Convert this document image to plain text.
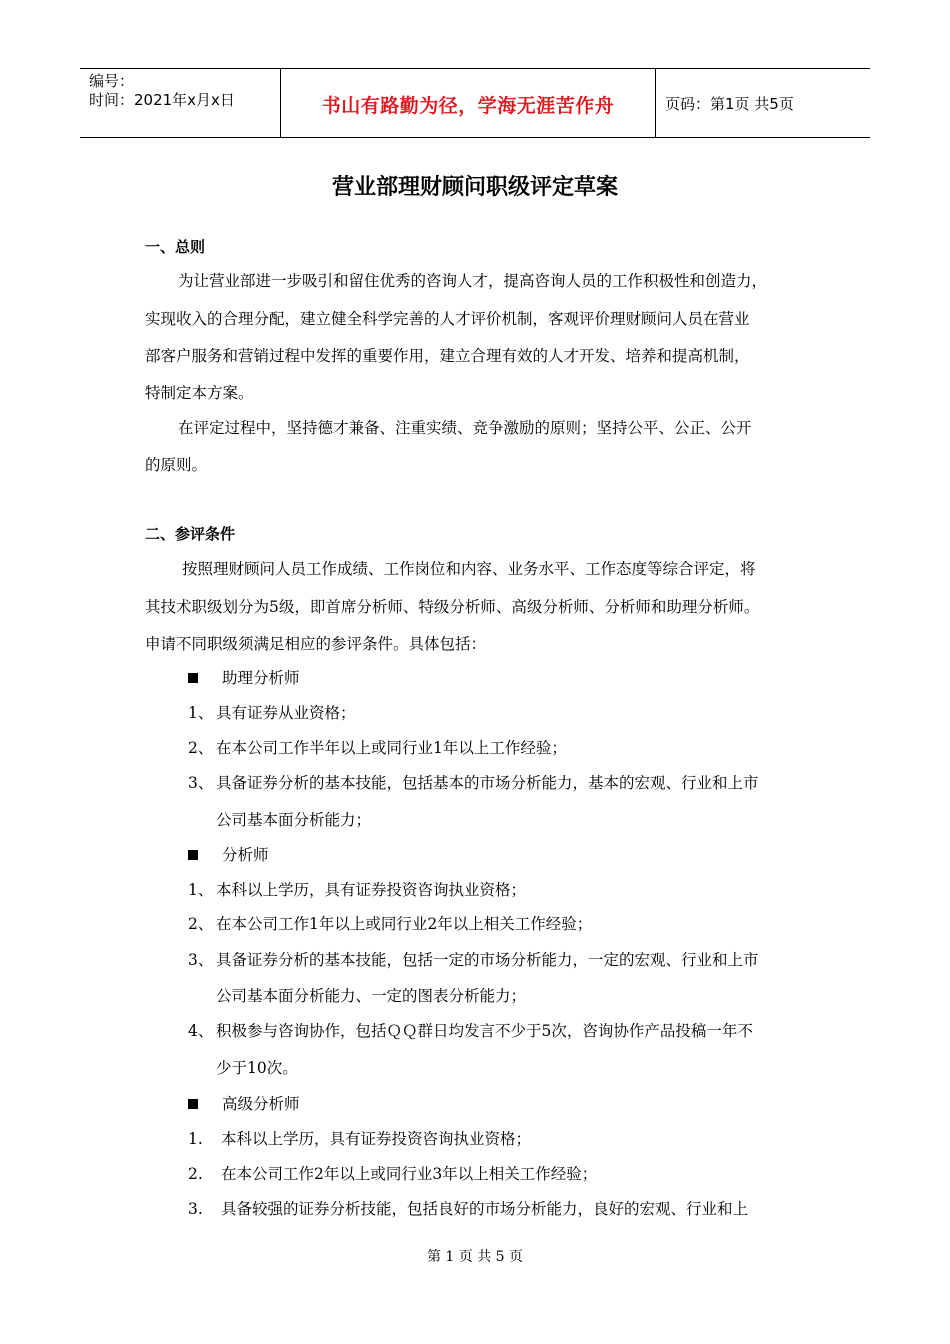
编号：
时间：2021年x月x日	书山有路勤为径，学海无涯苦作舟	页码：第1页 共5页
营业部理财顾问职级评定草案
一、总则
为让营业部进一步吸引和留住优秀的咨询人才，提高咨询人员的工作积极性和创造力，
实现收入的合理分配，建立健全科学完善的人才评价机制，客观评价理财顾问人员在营业
部客户服务和营销过程中发挥的重要作用，建立合理有效的人才开发、培养和提高机制，
特制定本方案。
在评定过程中，坚持德才兼备、注重实绩、竞争激励的原则；坚持公平、公正、公开
的原则。
二、参评条件
按照理财顾问人员工作成绩、工作岗位和内容、业务水平、工作态度等综合评定，将
其技术职级划分为5级，即首席分析师、特级分析师、高级分析师、分析师和助理分析师。
申请不同职级须满足相应的参评条件。具体包括：
助理分析师
1、 具有证券从业资格；
2、 在本公司工作半年以上或同行业1年以上工作经验；
3、 具备证券分析的基本技能，包括基本的市场分析能力，基本的宏观、行业和上市
公司基本面分析能力；
分析师
1、 本科以上学历，具有证券投资咨询执业资格；
2、 在本公司工作1年以上或同行业2年以上相关工作经验；
3、 具备证券分析的基本技能，包括一定的市场分析能力，一定的宏观、行业和上市
公司基本面分析能力、一定的图表分析能力；
4、 积极参与咨询协作，包括ＱＱ群日均发言不少于5次，咨询协作产品投稿一年不
少于10次。
高级分析师
1. 本科以上学历，具有证券投资咨询执业资格；
2. 在本公司工作2年以上或同行业3年以上相关工作经验；
3. 具备较强的证券分析技能，包括良好的市场分析能力，良好的宏观、行业和上
第 1 页 共 5 页
